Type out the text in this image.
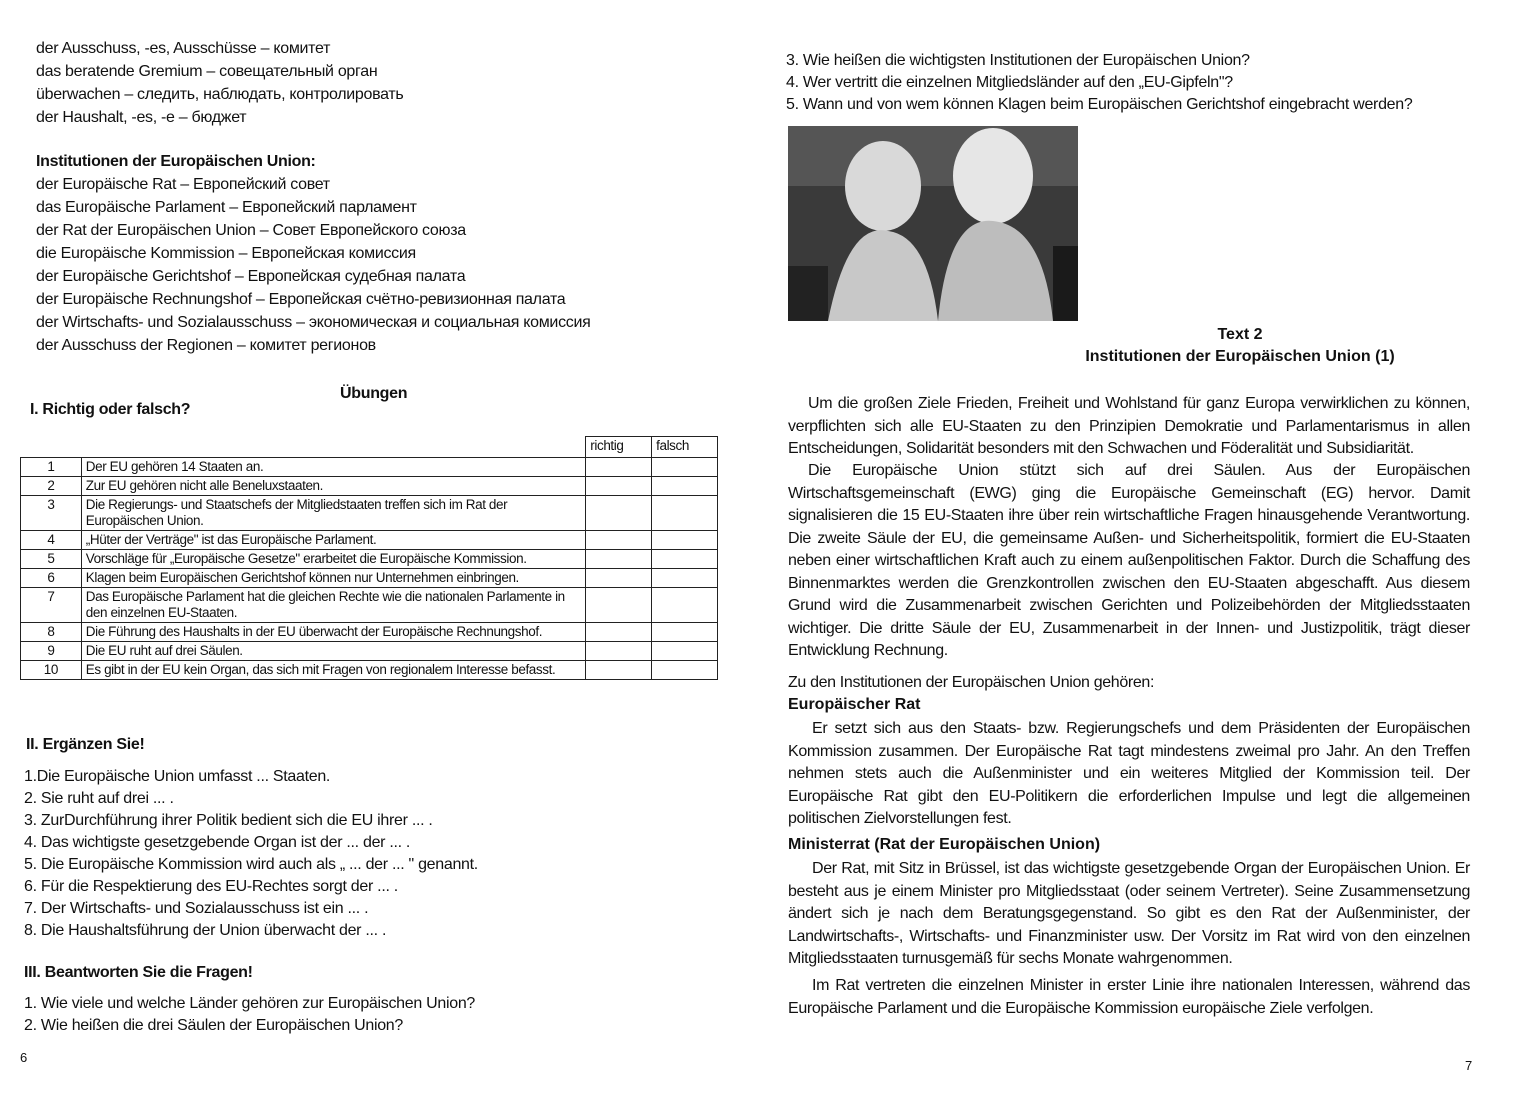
der Ausschuss, -es, Ausschüsse – комитет
das beratende Gremium – совещательный орган
überwachen – следить, наблюдать, контролировать
der Haushalt, -es, -e – бюджет
Institutionen der Europäischen Union:
der Europäische Rat – Европейский совет
das Europäische Parlament – Европейский парламент
der Rat der Europäischen Union – Совет Европейского союза
die Europäische Kommission – Европейская комиссия
der Europäische Gerichtshof – Европейская судебная палата
der Europäische Rechnungshof – Европейская счётно-ревизионная палата
der Wirtschafts- und Sozialausschuss – экономическая и социальная комиссия
der Ausschuss der Regionen – комитет регионов
Übungen
I. Richtig oder falsch?
		richtig	falsch
1	Der EU gehören 14 Staaten an.		
2	Zur EU gehören nicht alle Beneluxstaaten.		
3	Die Regierungs- und Staatschefs der Mitgliedstaaten treffen sich im Rat der Europäischen Union.		
4	„Hüter der Verträge" ist das Europäische Parlament.		
5	Vorschläge für „Europäische Gesetze" erarbeitet die Europäische Kommission.		
6	Klagen beim Europäischen Gerichtshof können nur Unternehmen einbringen.		
7	Das Europäische Parlament hat die gleichen Rechte wie die nationalen Parlamente in den einzelnen EU-Staaten.		
8	Die Führung des Haushalts in der EU überwacht der Europäische Rechnungshof.		
9	Die EU ruht auf drei Säulen.		
10	Es gibt in der EU kein Organ, das sich mit Fragen von regionalem Interesse befasst.		
II. Ergänzen Sie!
1.Die Europäische Union umfasst ... Staaten.
2. Sie ruht auf drei ... .
3. ZurDurchführung ihrer Politik bedient sich die EU ihrer ... .
4. Das wichtigste gesetzgebende Organ ist der ... der ... .
5. Die Europäische Kommission wird auch als „ ... der ... " genannt.
6. Für die Respektierung des EU-Rechtes sorgt der ... .
7. Der Wirtschafts- und Sozialausschuss ist ein ... .
8. Die Haushaltsführung der Union überwacht der ... .
III. Beantworten Sie die Fragen!
1. Wie viele und welche Länder gehören zur Europäischen Union?
2. Wie heißen die drei Säulen der Europäischen Union?
6
3. Wie heißen die wichtigsten Institutionen der Europäischen Union?
4. Wer vertritt die einzelnen Mitgliedsländer auf den „EU-Gipfeln"?
5. Wann und von wem können Klagen beim Europäischen Gerichtshof eingebracht werden?
Text 2
Institutionen der Europäischen Union (1)
Um die großen Ziele Frieden, Freiheit und Wohlstand für ganz Europa verwirklichen zu können, verpflichten sich alle EU-Staaten zu den Prinzipien Demokratie und Parlamentarismus in allen Entscheidungen, Solidarität besonders mit den Schwachen und Föderalität und Subsidiarität.
Die Europäische Union stützt sich auf drei Säulen. Aus der Europäischen Wirtschaftsgemeinschaft (EWG) ging die Europäische Gemeinschaft (EG) hervor. Damit signalisieren die 15 EU-Staaten ihre über rein wirtschaftliche Fragen hinausgehende Verantwortung. Die zweite Säule der EU, die gemeinsame Außen- und Sicherheitspolitik, formiert die EU-Staaten neben einer wirtschaftlichen Kraft auch zu einem außenpolitischen Faktor. Durch die Schaffung des Binnenmarktes werden die Grenzkontrollen zwischen den EU-Staaten abgeschafft. Aus diesem Grund wird die Zusammenarbeit zwischen Gerichten und Polizeibehörden der Mitgliedsstaaten wichtiger. Die dritte Säule der EU, Zusammenarbeit in der Innen- und Justizpolitik, trägt dieser Entwicklung Rechnung.
Zu den Institutionen der Europäischen Union gehören:
Europäischer Rat
Er setzt sich aus den Staats- bzw. Regierungschefs und dem Präsidenten der Europäischen Kommission zusammen. Der Europäische Rat tagt mindestens zweimal pro Jahr. An den Treffen nehmen stets auch die Außenminister und ein weiteres Mitglied der Kommission teil. Der Europäische Rat gibt den EU-Politikern die erforderlichen Impulse und legt die allgemeinen politischen Zielvorstellungen fest.
Ministerrat (Rat der Europäischen Union)
Der Rat, mit Sitz in Brüssel, ist das wichtigste gesetzgebende Organ der Europäischen Union. Er besteht aus je einem Minister pro Mitgliedsstaat (oder seinem Vertreter). Seine Zusammensetzung ändert sich je nach dem Beratungsgegenstand. So gibt es den Rat der Außenminister, der Landwirtschafts-, Wirtschafts- und Finanzminister usw. Der Vorsitz im Rat wird von den einzelnen Mitgliedsstaaten turnusgemäß für sechs Monate wahrgenommen.
Im Rat vertreten die einzelnen Minister in erster Linie ihre nationalen Interessen, während das Europäische Parlament und die Europäische Kommission europäische Ziele verfolgen.
7
